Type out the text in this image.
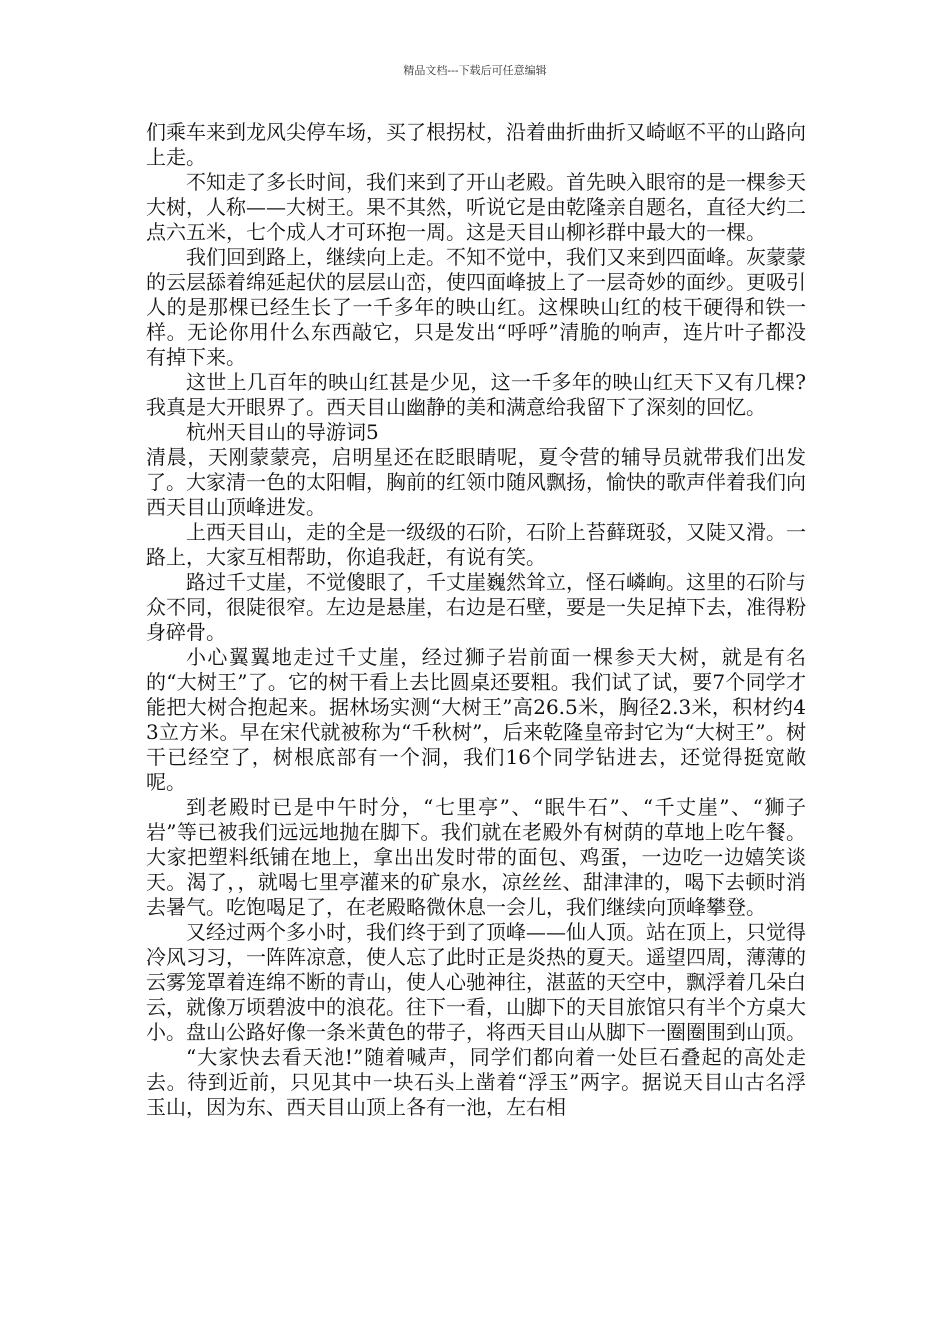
精品文档---下载后可任意编辑

们乘车来到龙风尖停车场，买了根拐杖，沿着曲折曲折又崎岖不平的山路向上走。

不知走了多长时间，我们来到了开山老殿。首先映入眼帘的是一棵参天大树，人称——大树王。果不其然，听说它是由乾隆亲自题名，直径大约二点六五米，七个成人才可环抱一周。这是天目山柳衫群中最大的一棵。

我们回到路上，继续向上走。不知不觉中，我们又来到四面峰。灰蒙蒙的云层舔着绵延起伏的层层山峦，使四面峰披上了一层奇妙的面纱。更吸引人的是那棵已经生长了一千多年的映山红。这棵映山红的枝干硬得和铁一样。无论你用什么东西敲它，只是发出“呼呼”清脆的响声，连片叶子都没有掉下来。

这世上几百年的映山红甚是少见，这一千多年的映山红天下又有几棵?我真是大开眼界了。西天目山幽静的美和满意给我留下了深刻的回忆。

杭州天目山的导游词5

清晨，天刚蒙蒙亮，启明星还在眨眼睛呢，夏令营的辅导员就带我们出发了。大家清一色的太阳帽，胸前的红领巾随风飘扬，愉快的歌声伴着我们向西天目山顶峰进发。

上西天目山，走的全是一级级的石阶，石阶上苔藓斑驳，又陡又滑。一路上，大家互相帮助，你追我赶，有说有笑。

路过千丈崖，不觉傻眼了，千丈崖巍然耸立，怪石嶙峋。这里的石阶与众不同，很陡很窄。左边是悬崖，右边是石壁，要是一失足掉下去，准得粉身碎骨。

小心翼翼地走过千丈崖，经过狮子岩前面一棵参天大树，就是有名的“大树王”了。它的树干看上去比圆桌还要粗。我们试了试，要7个同学才能把大树合抱起来。据林场实测“大树王”高26.5米，胸径2.3米，积材约43立方米。早在宋代就被称为“千秋树”，后来乾隆皇帝封它为“大树王”。树干已经空了，树根底部有一个洞，我们16个同学钻进去，还觉得挺宽敞呢。

到老殿时已是中午时分，“七里亭”、“眠牛石”、“千丈崖”、“狮子岩”等已被我们远远地抛在脚下。我们就在老殿外有树荫的草地上吃午餐。大家把塑料纸铺在地上，拿出出发时带的面包、鸡蛋，一边吃一边嬉笑谈天。渴了，，就喝七里亭灌来的矿泉水，凉丝丝、甜津津的，喝下去顿时消去暑气。吃饱喝足了，在老殿略微休息一会儿，我们继续向顶峰攀登。

又经过两个多小时，我们终于到了顶峰——仙人顶。站在顶上，只觉得冷风习习，一阵阵凉意，使人忘了此时正是炎热的夏天。遥望四周，薄薄的云雾笼罩着连绵不断的青山，使人心驰神往，湛蓝的天空中，飘浮着几朵白云，就像万顷碧波中的浪花。往下一看，山脚下的天目旅馆只有半个方桌大小。盘山公路好像一条米黄色的带子，将西天目山从脚下一圈圈围到山顶。

“大家快去看天池!”随着喊声，同学们都向着一处巨石叠起的高处走去。待到近前，只见其中一块石头上凿着“浮玉”两字。据说天目山古名浮玉山，因为东、西天目山顶上各有一池，左右相
